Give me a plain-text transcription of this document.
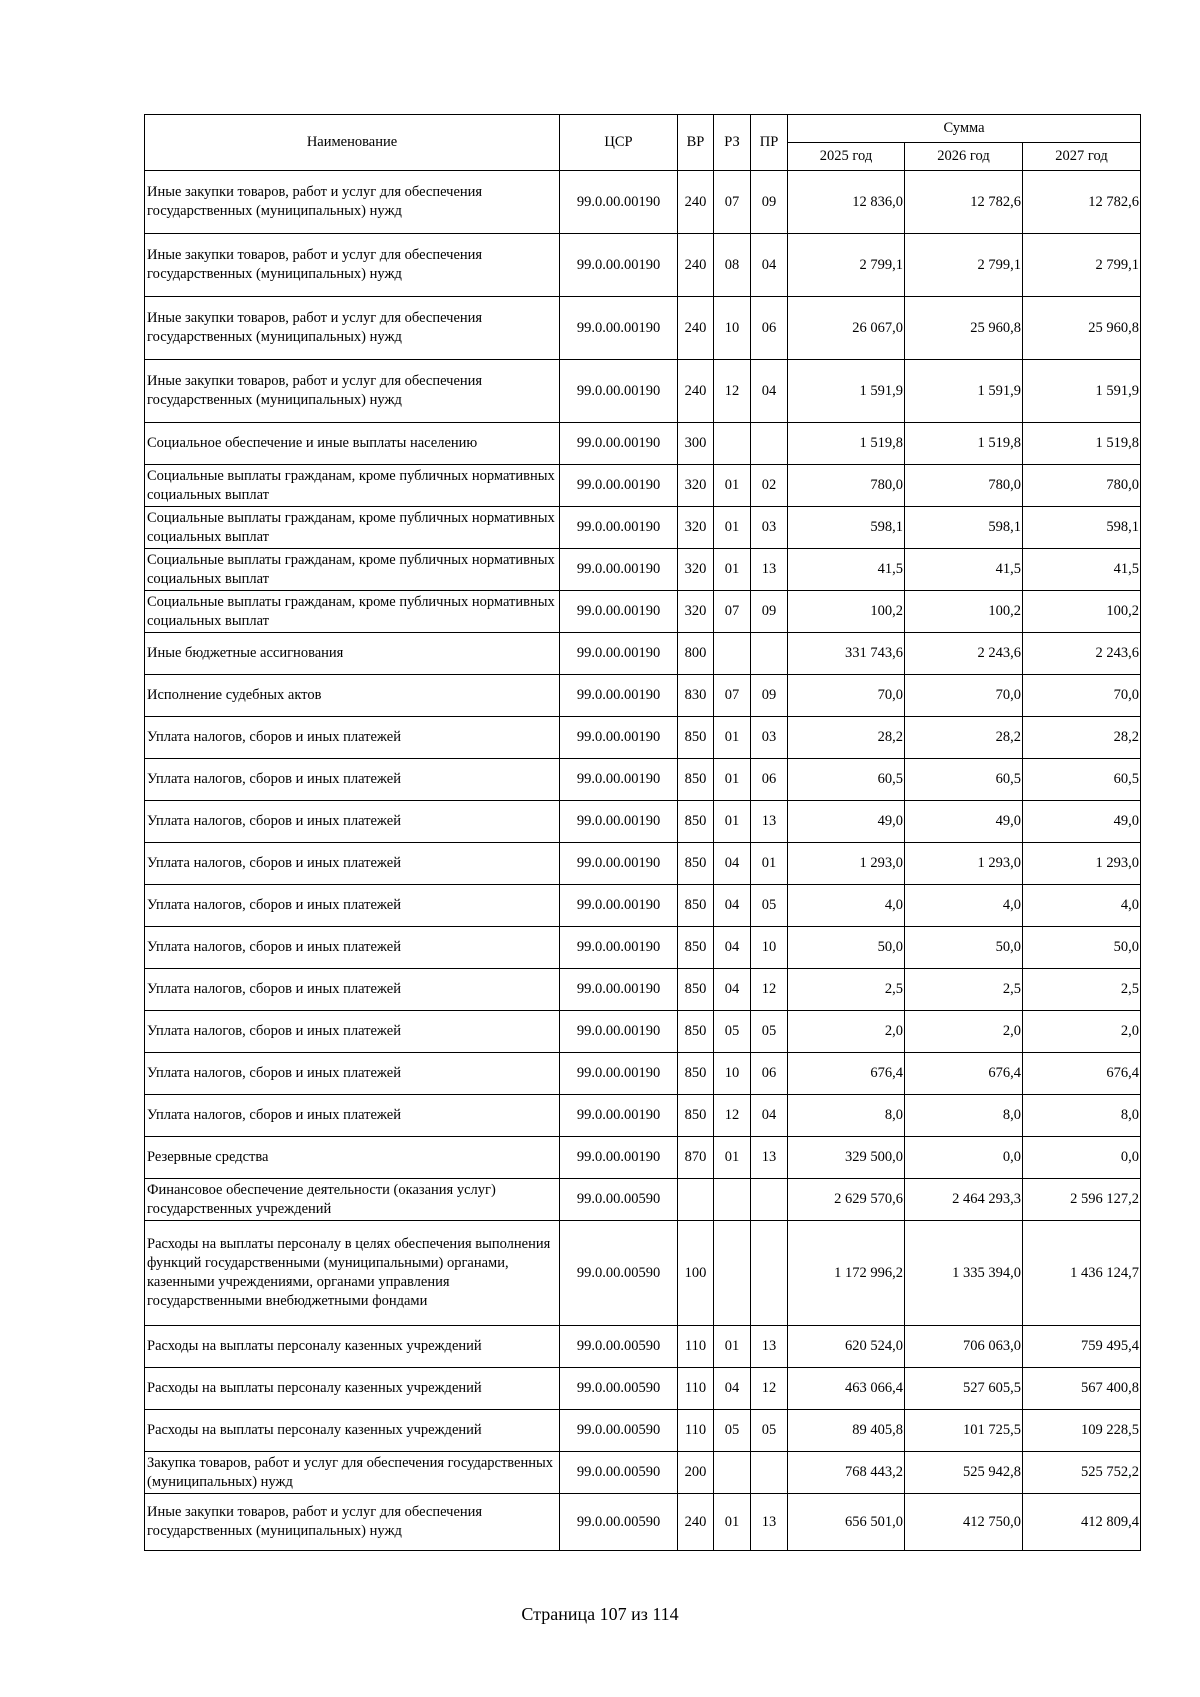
Наименование	ЦСР	ВР	РЗ	ПР	Сумма		
					2025 год	2026 год	2027 год
Иные закупки товаров, работ и услуг для обеспечения государственных (муниципальных) нужд	99.0.00.00190	240	07	09	12 836,0	12 782,6	12 782,6
Иные закупки товаров, работ и услуг для обеспечения государственных (муниципальных) нужд	99.0.00.00190	240	08	04	2 799,1	2 799,1	2 799,1
Иные закупки товаров, работ и услуг для обеспечения государственных (муниципальных) нужд	99.0.00.00190	240	10	06	26 067,0	25 960,8	25 960,8
Иные закупки товаров, работ и услуг для обеспечения государственных (муниципальных) нужд	99.0.00.00190	240	12	04	1 591,9	1 591,9	1 591,9
Социальное обеспечение и иные выплаты населению	99.0.00.00190	300			1 519,8	1 519,8	1 519,8
Социальные выплаты гражданам, кроме публичных нормативных социальных выплат	99.0.00.00190	320	01	02	780,0	780,0	780,0
Социальные выплаты гражданам, кроме публичных нормативных социальных выплат	99.0.00.00190	320	01	03	598,1	598,1	598,1
Социальные выплаты гражданам, кроме публичных нормативных социальных выплат	99.0.00.00190	320	01	13	41,5	41,5	41,5
Социальные выплаты гражданам, кроме публичных нормативных социальных выплат	99.0.00.00190	320	07	09	100,2	100,2	100,2
Иные бюджетные ассигнования	99.0.00.00190	800			331 743,6	2 243,6	2 243,6
Исполнение судебных актов	99.0.00.00190	830	07	09	70,0	70,0	70,0
Уплата налогов, сборов и иных платежей	99.0.00.00190	850	01	03	28,2	28,2	28,2
Уплата налогов, сборов и иных платежей	99.0.00.00190	850	01	06	60,5	60,5	60,5
Уплата налогов, сборов и иных платежей	99.0.00.00190	850	01	13	49,0	49,0	49,0
Уплата налогов, сборов и иных платежей	99.0.00.00190	850	04	01	1 293,0	1 293,0	1 293,0
Уплата налогов, сборов и иных платежей	99.0.00.00190	850	04	05	4,0	4,0	4,0
Уплата налогов, сборов и иных платежей	99.0.00.00190	850	04	10	50,0	50,0	50,0
Уплата налогов, сборов и иных платежей	99.0.00.00190	850	04	12	2,5	2,5	2,5
Уплата налогов, сборов и иных платежей	99.0.00.00190	850	05	05	2,0	2,0	2,0
Уплата налогов, сборов и иных платежей	99.0.00.00190	850	10	06	676,4	676,4	676,4
Уплата налогов, сборов и иных платежей	99.0.00.00190	850	12	04	8,0	8,0	8,0
Резервные средства	99.0.00.00190	870	01	13	329 500,0	0,0	0,0
Финансовое обеспечение деятельности (оказания услуг) государственных учреждений	99.0.00.00590				2 629 570,6	2 464 293,3	2 596 127,2
Расходы на выплаты персоналу в целях обеспечения выполнения функций государственными (муниципальными) органами, казенными учреждениями, органами управления государственными внебюджетными фондами	99.0.00.00590	100			1 172 996,2	1 335 394,0	1 436 124,7
Расходы на выплаты персоналу казенных учреждений	99.0.00.00590	110	01	13	620 524,0	706 063,0	759 495,4
Расходы на выплаты персоналу казенных учреждений	99.0.00.00590	110	04	12	463 066,4	527 605,5	567 400,8
Расходы на выплаты персоналу казенных учреждений	99.0.00.00590	110	05	05	89 405,8	101 725,5	109 228,5
Закупка товаров, работ и услуг для обеспечения государственных (муниципальных) нужд	99.0.00.00590	200			768 443,2	525 942,8	525 752,2
Иные закупки товаров, работ и услуг для обеспечения государственных (муниципальных) нужд	99.0.00.00590	240	01	13	656 501,0	412 750,0	412 809,4
Страница 107 из 114
